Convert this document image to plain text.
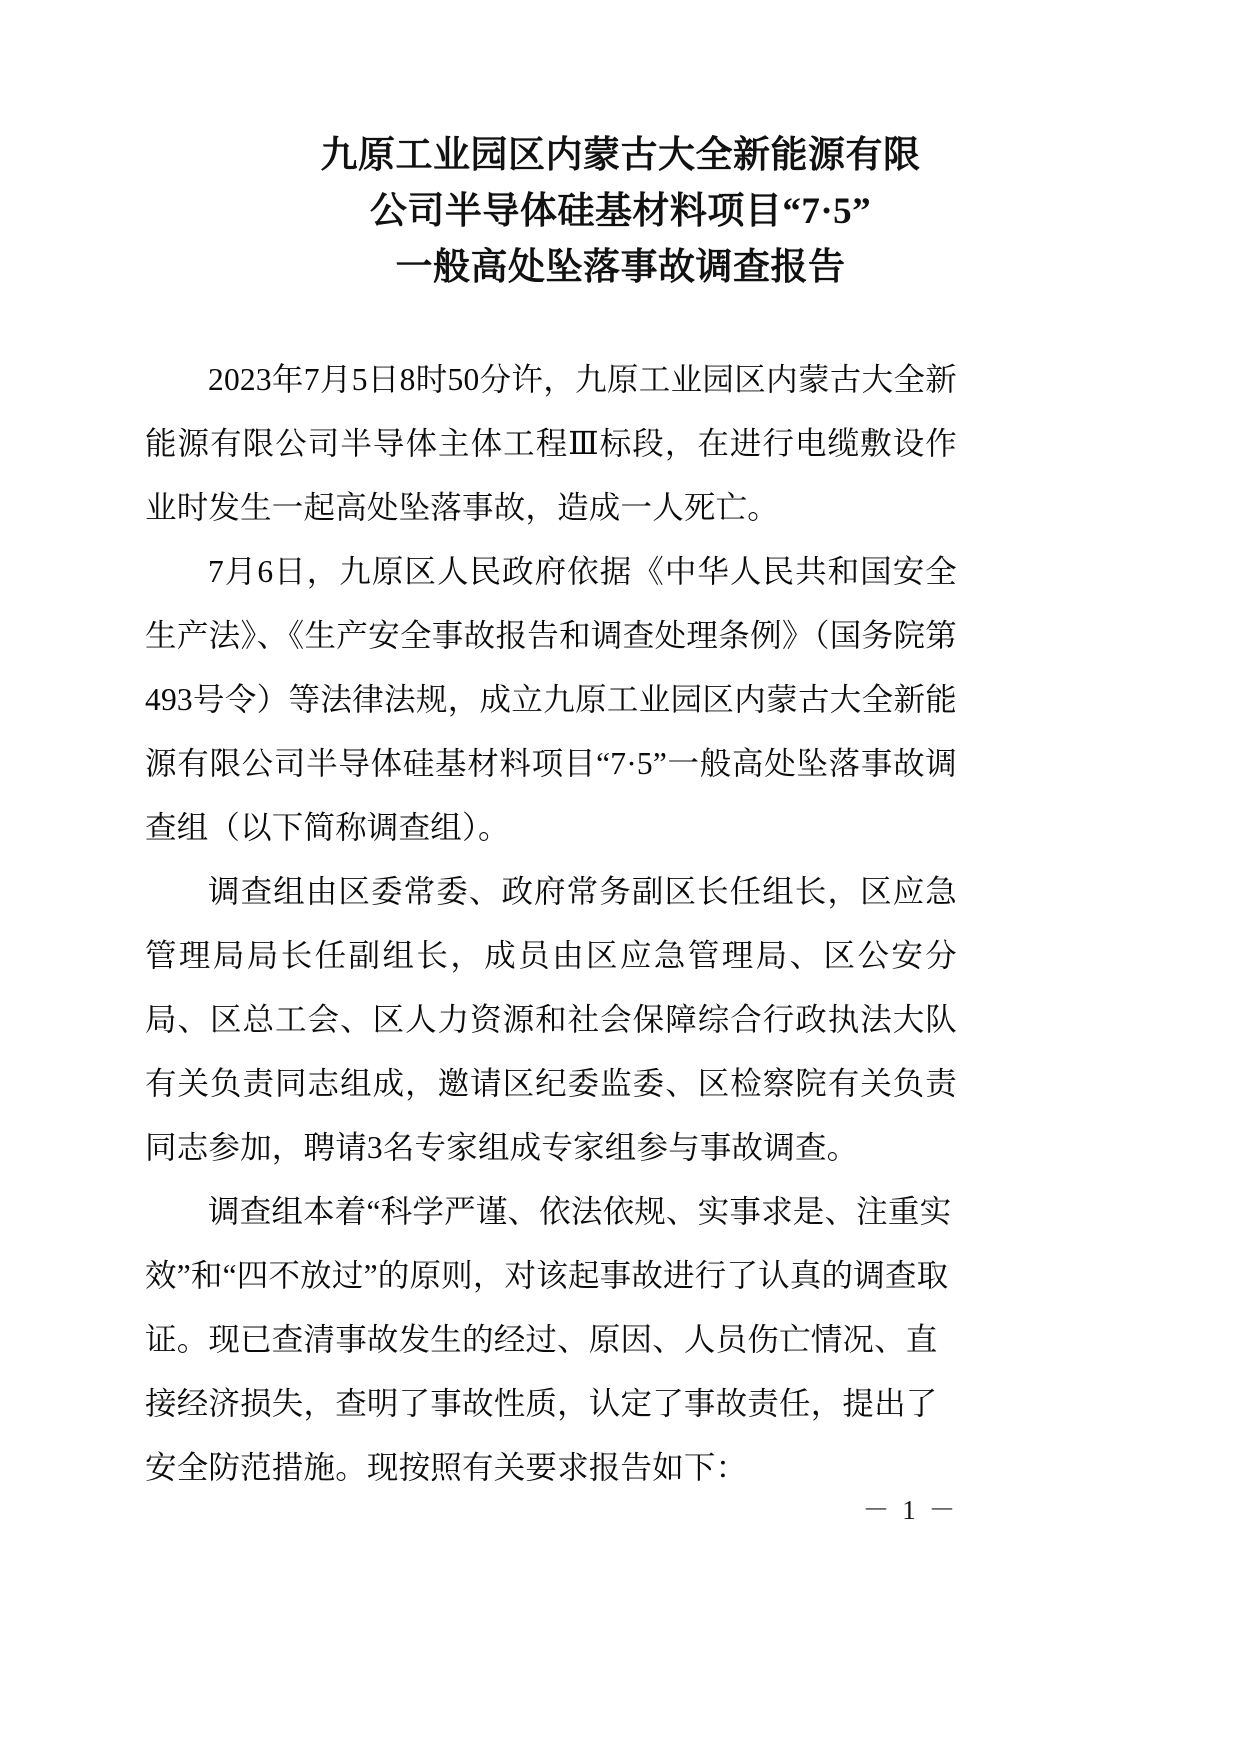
九原工业园区内蒙古大全新能源有限
公司半导体硅基材料项目“7·5”
一般高处坠落事故调查报告

2023年7月5日8时50分许，九原工业园区内蒙古大全新能源有限公司半导体主体工程Ⅲ标段，在进行电缆敷设作业时发生一起高处坠落事故，造成一人死亡。

7月6日，九原区人民政府依据《中华人民共和国安全生产法》、《生产安全事故报告和调查处理条例》（国务院第493号令）等法律法规，成立九原工业园区内蒙古大全新能源有限公司半导体硅基材料项目“7·5”一般高处坠落事故调查组（以下简称调查组）。

调查组由区委常委、政府常务副区长任组长，区应急管理局局长任副组长，成员由区应急管理局、区公安分局、区总工会、区人力资源和社会保障综合行政执法大队有关负责同志组成，邀请区纪委监委、区检察院有关负责同志参加，聘请3名专家组成专家组参与事故调查。

调查组本着“科学严谨、依法依规、实事求是、注重实效”和“四不放过”的原则，对该起事故进行了认真的调查取证。现已查清事故发生的经过、原因、人员伤亡情况、直接经济损失，查明了事故性质，认定了事故责任，提出了安全防范措施。现按照有关要求报告如下：

－ 1 －
